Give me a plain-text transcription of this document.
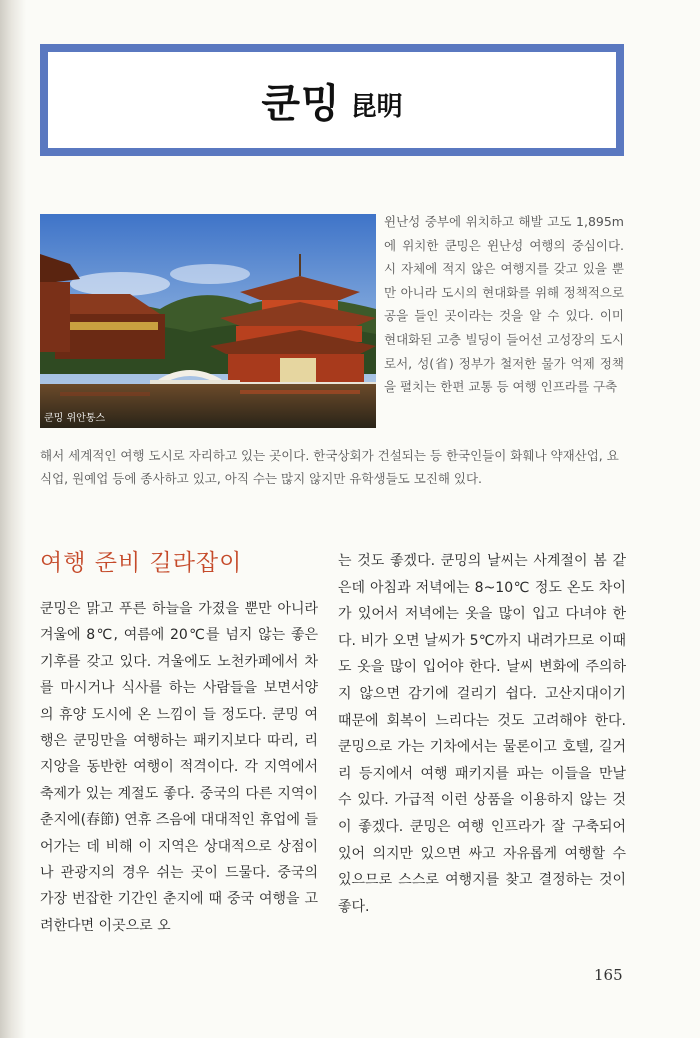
쿤밍 昆明
쿤밍 위안통스

윈난성 중부에 위치하고 해발 고도 1,895m에 위치한 쿤밍은 윈난성 여행의 중심이다. 시 자체에 적지 않은 여행지를 갖고 있을 뿐만 아니라 도시의 현대화를 위해 정책적으로 공을 들인 곳이라는 것을 알 수 있다. 이미 현대화된 고층 빌딩이 들어선 고성장의 도시로서, 성(省) 정부가 철저한 물가 억제 정책을 펼치는 한편 교통 등 여행 인프라를 구축

해서 세계적인 여행 도시로 자리하고 있는 곳이다. 한국상회가 건설되는 등 한국인들이 화훼나 약재산업, 요식업, 원예업 등에 종사하고 있고, 아직 수는 많지 않지만 유학생들도 모진해 있다.

여행 준비 길라잡이

쿤밍은 맑고 푸른 하늘을 가졌을 뿐만 아니라 겨울에 8℃, 여름에 20℃를 넘지 않는 좋은 기후를 갖고 있다. 겨울에도 노천카페에서 차를 마시거나 식사를 하는 사람들을 보면서양의 휴양 도시에 온 느낌이 들 정도다. 쿤밍 여행은 쿤밍만을 여행하는 패키지보다 따리, 리지앙을 동반한 여행이 적격이다. 각 지역에서 축제가 있는 계절도 좋다. 중국의 다른 지역이 춘지에(春節) 연휴 즈음에 대대적인 휴업에 들어가는 데 비해 이 지역은 상대적으로 상점이나 관광지의 경우 쉬는 곳이 드물다. 중국의 가장 번잡한 기간인 춘지에 때 중국 여행을 고려한다면 이곳으로 오

는 것도 좋겠다. 쿤밍의 날씨는 사계절이 봄 같은데 아침과 저녁에는 8~10℃ 정도 온도 차이가 있어서 저녁에는 옷을 많이 입고 다녀야 한다. 비가 오면 날씨가 5℃까지 내려가므로 이때도 옷을 많이 입어야 한다. 날씨 변화에 주의하지 않으면 감기에 걸리기 쉽다. 고산지대이기 때문에 회복이 느리다는 것도 고려해야 한다. 쿤밍으로 가는 기차에서는 물론이고 호텔, 길거리 등지에서 여행 패키지를 파는 이들을 만날 수 있다. 가급적 이런 상품을 이용하지 않는 것이 좋겠다. 쿤밍은 여행 인프라가 잘 구축되어 있어 의지만 있으면 싸고 자유롭게 여행할 수 있으므로 스스로 여행지를 찾고 결정하는 것이 좋다.

165
